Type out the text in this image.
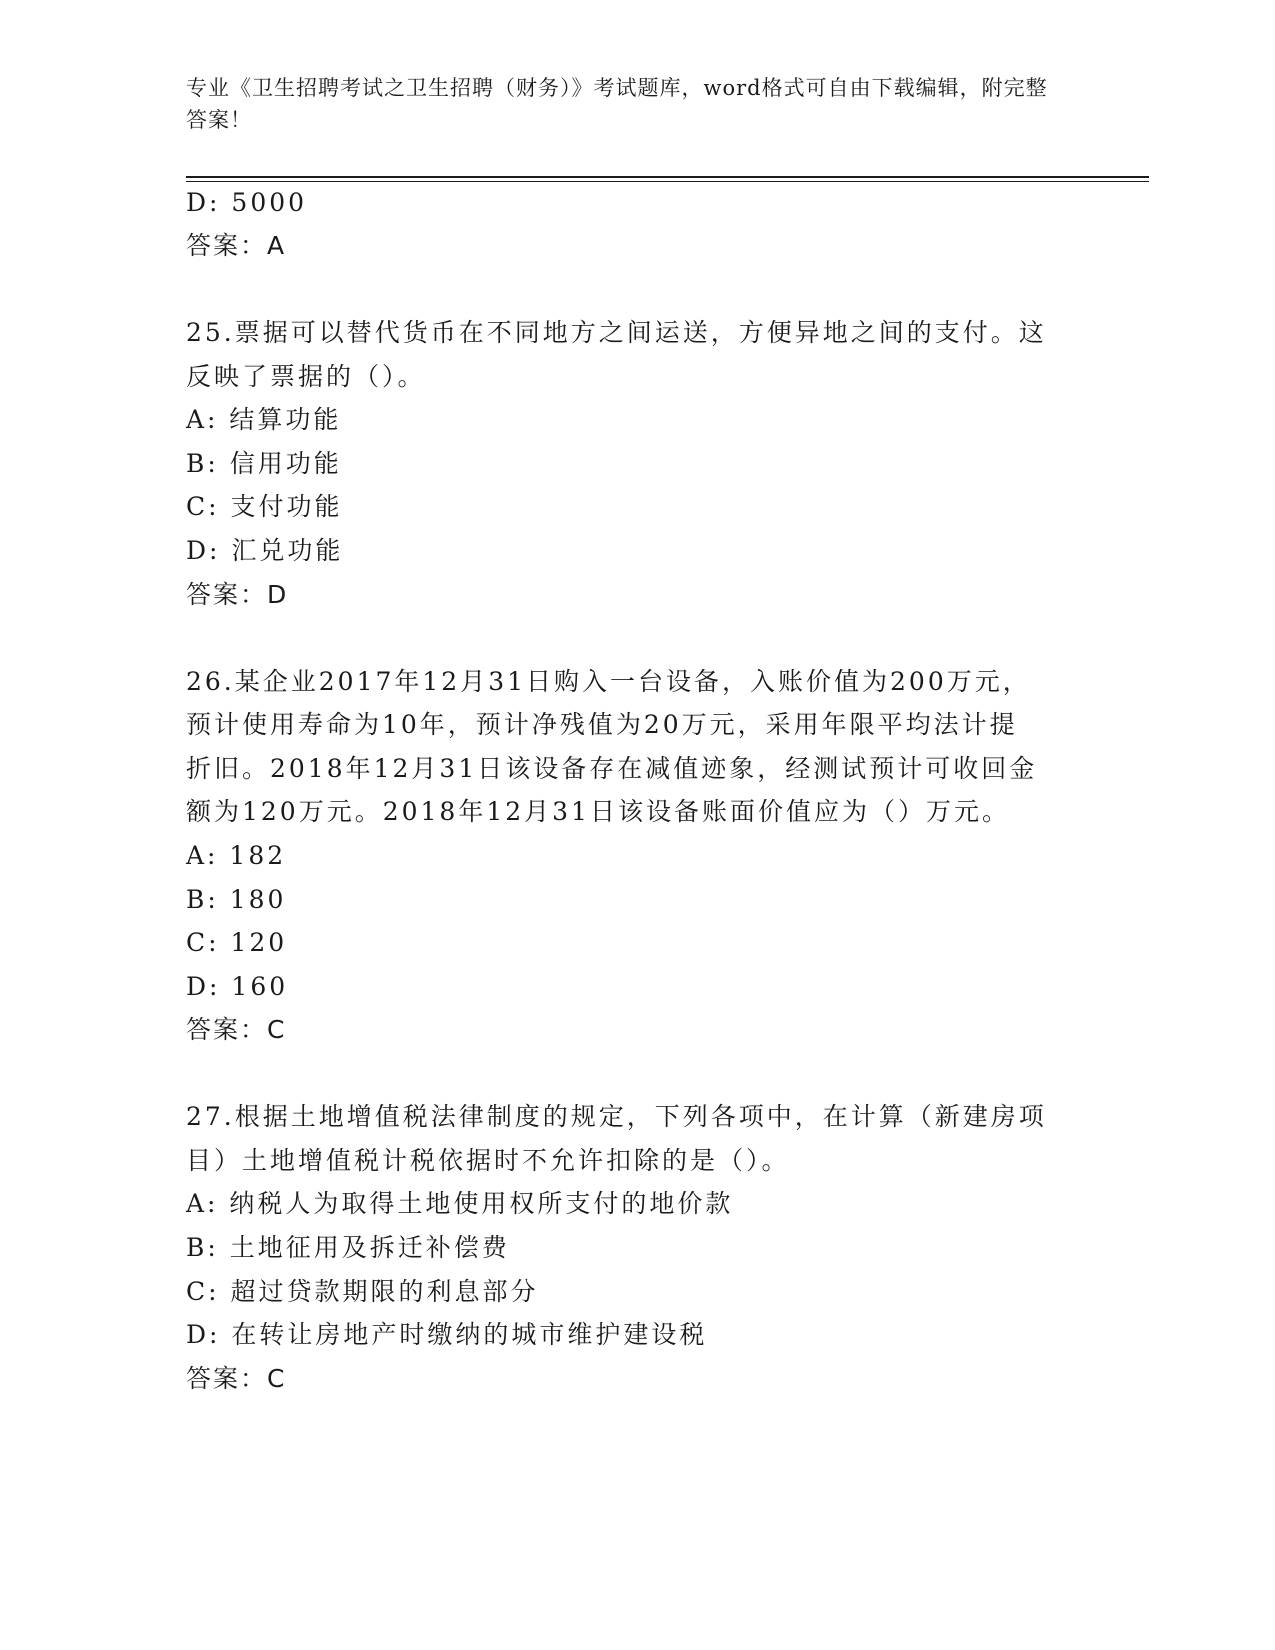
专业《卫生招聘考试之卫生招聘（财务）》考试题库，word格式可自由下载编辑，附完整答案！
D: 5000
答案：A
25.票据可以替代货币在不同地方之间运送，方便异地之间的支付。这
反映了票据的（）。
A: 结算功能
B: 信用功能
C: 支付功能
D: 汇兑功能
答案：D
26.某企业2017年12月31日购入一台设备，入账价值为200万元，
预计使用寿命为10年，预计净残值为20万元，采用年限平均法计提
折旧。2018年12月31日该设备存在减值迹象，经测试预计可收回金
额为120万元。2018年12月31日该设备账面价值应为（）万元。
A: 182
B: 180
C: 120
D: 160
答案：C
27.根据土地增值税法律制度的规定，下列各项中，在计算（新建房项
目）土地增值税计税依据时不允许扣除的是（）。
A: 纳税人为取得土地使用权所支付的地价款
B: 土地征用及拆迁补偿费
C: 超过贷款期限的利息部分
D: 在转让房地产时缴纳的城市维护建设税
答案：C
